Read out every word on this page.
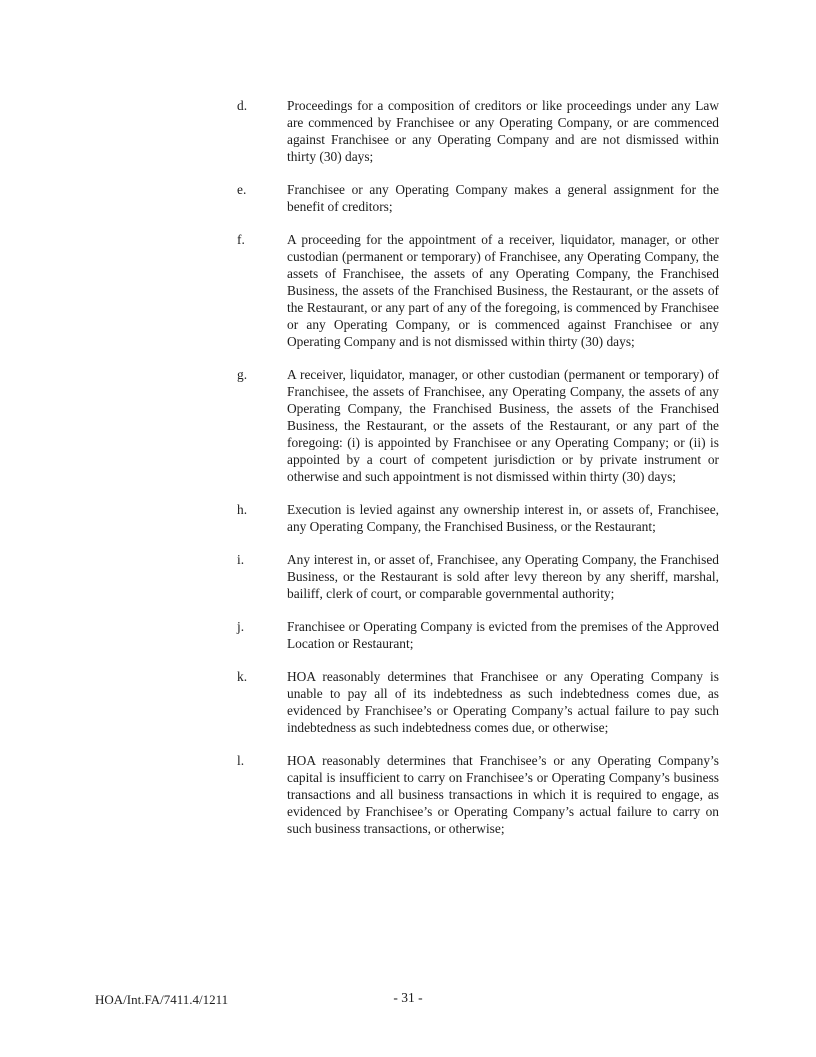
d.	Proceedings for a composition of creditors or like proceedings under any Law are commenced by Franchisee or any Operating Company, or are commenced against Franchisee or any Operating Company and are not dismissed within thirty (30) days;
e.	Franchisee or any Operating Company makes a general assignment for the benefit of creditors;
f.	A proceeding for the appointment of a receiver, liquidator, manager, or other custodian (permanent or temporary) of Franchisee, any Operating Company, the assets of Franchisee, the assets of any Operating Company, the Franchised Business, the assets of the Franchised Business, the Restaurant, or the assets of the Restaurant, or any part of any of the foregoing, is commenced by Franchisee or any Operating Company, or is commenced against Franchisee or any Operating Company and is not dismissed within thirty (30) days;
g.	A receiver, liquidator, manager, or other custodian (permanent or temporary) of Franchisee, the assets of Franchisee, any Operating Company, the assets of any Operating Company, the Franchised Business, the assets of the Franchised Business, the Restaurant, or the assets of the Restaurant, or any part of the foregoing: (i) is appointed by Franchisee or any Operating Company; or (ii) is appointed by a court of competent jurisdiction or by private instrument or otherwise and such appointment is not dismissed within thirty (30) days;
h.	Execution is levied against any ownership interest in, or assets of, Franchisee, any Operating Company, the Franchised Business, or the Restaurant;
i.	Any interest in, or asset of, Franchisee, any Operating Company, the Franchised Business, or the Restaurant is sold after levy thereon by any sheriff, marshal, bailiff, clerk of court, or comparable governmental authority;
j.	Franchisee or Operating Company is evicted from the premises of the Approved Location or Restaurant;
k.	HOA reasonably determines that Franchisee or any Operating Company is unable to pay all of its indebtedness as such indebtedness comes due, as evidenced by Franchisee’s or Operating Company’s actual failure to pay such indebtedness as such indebtedness comes due, or otherwise;
l.	HOA reasonably determines that Franchisee’s or any Operating Company’s capital is insufficient to carry on Franchisee’s or Operating Company’s business transactions and all business transactions in which it is required to engage, as evidenced by Franchisee’s or Operating Company’s actual failure to carry on such business transactions, or otherwise;
HOA/Int.FA/7411.4/1211	- 31 -
